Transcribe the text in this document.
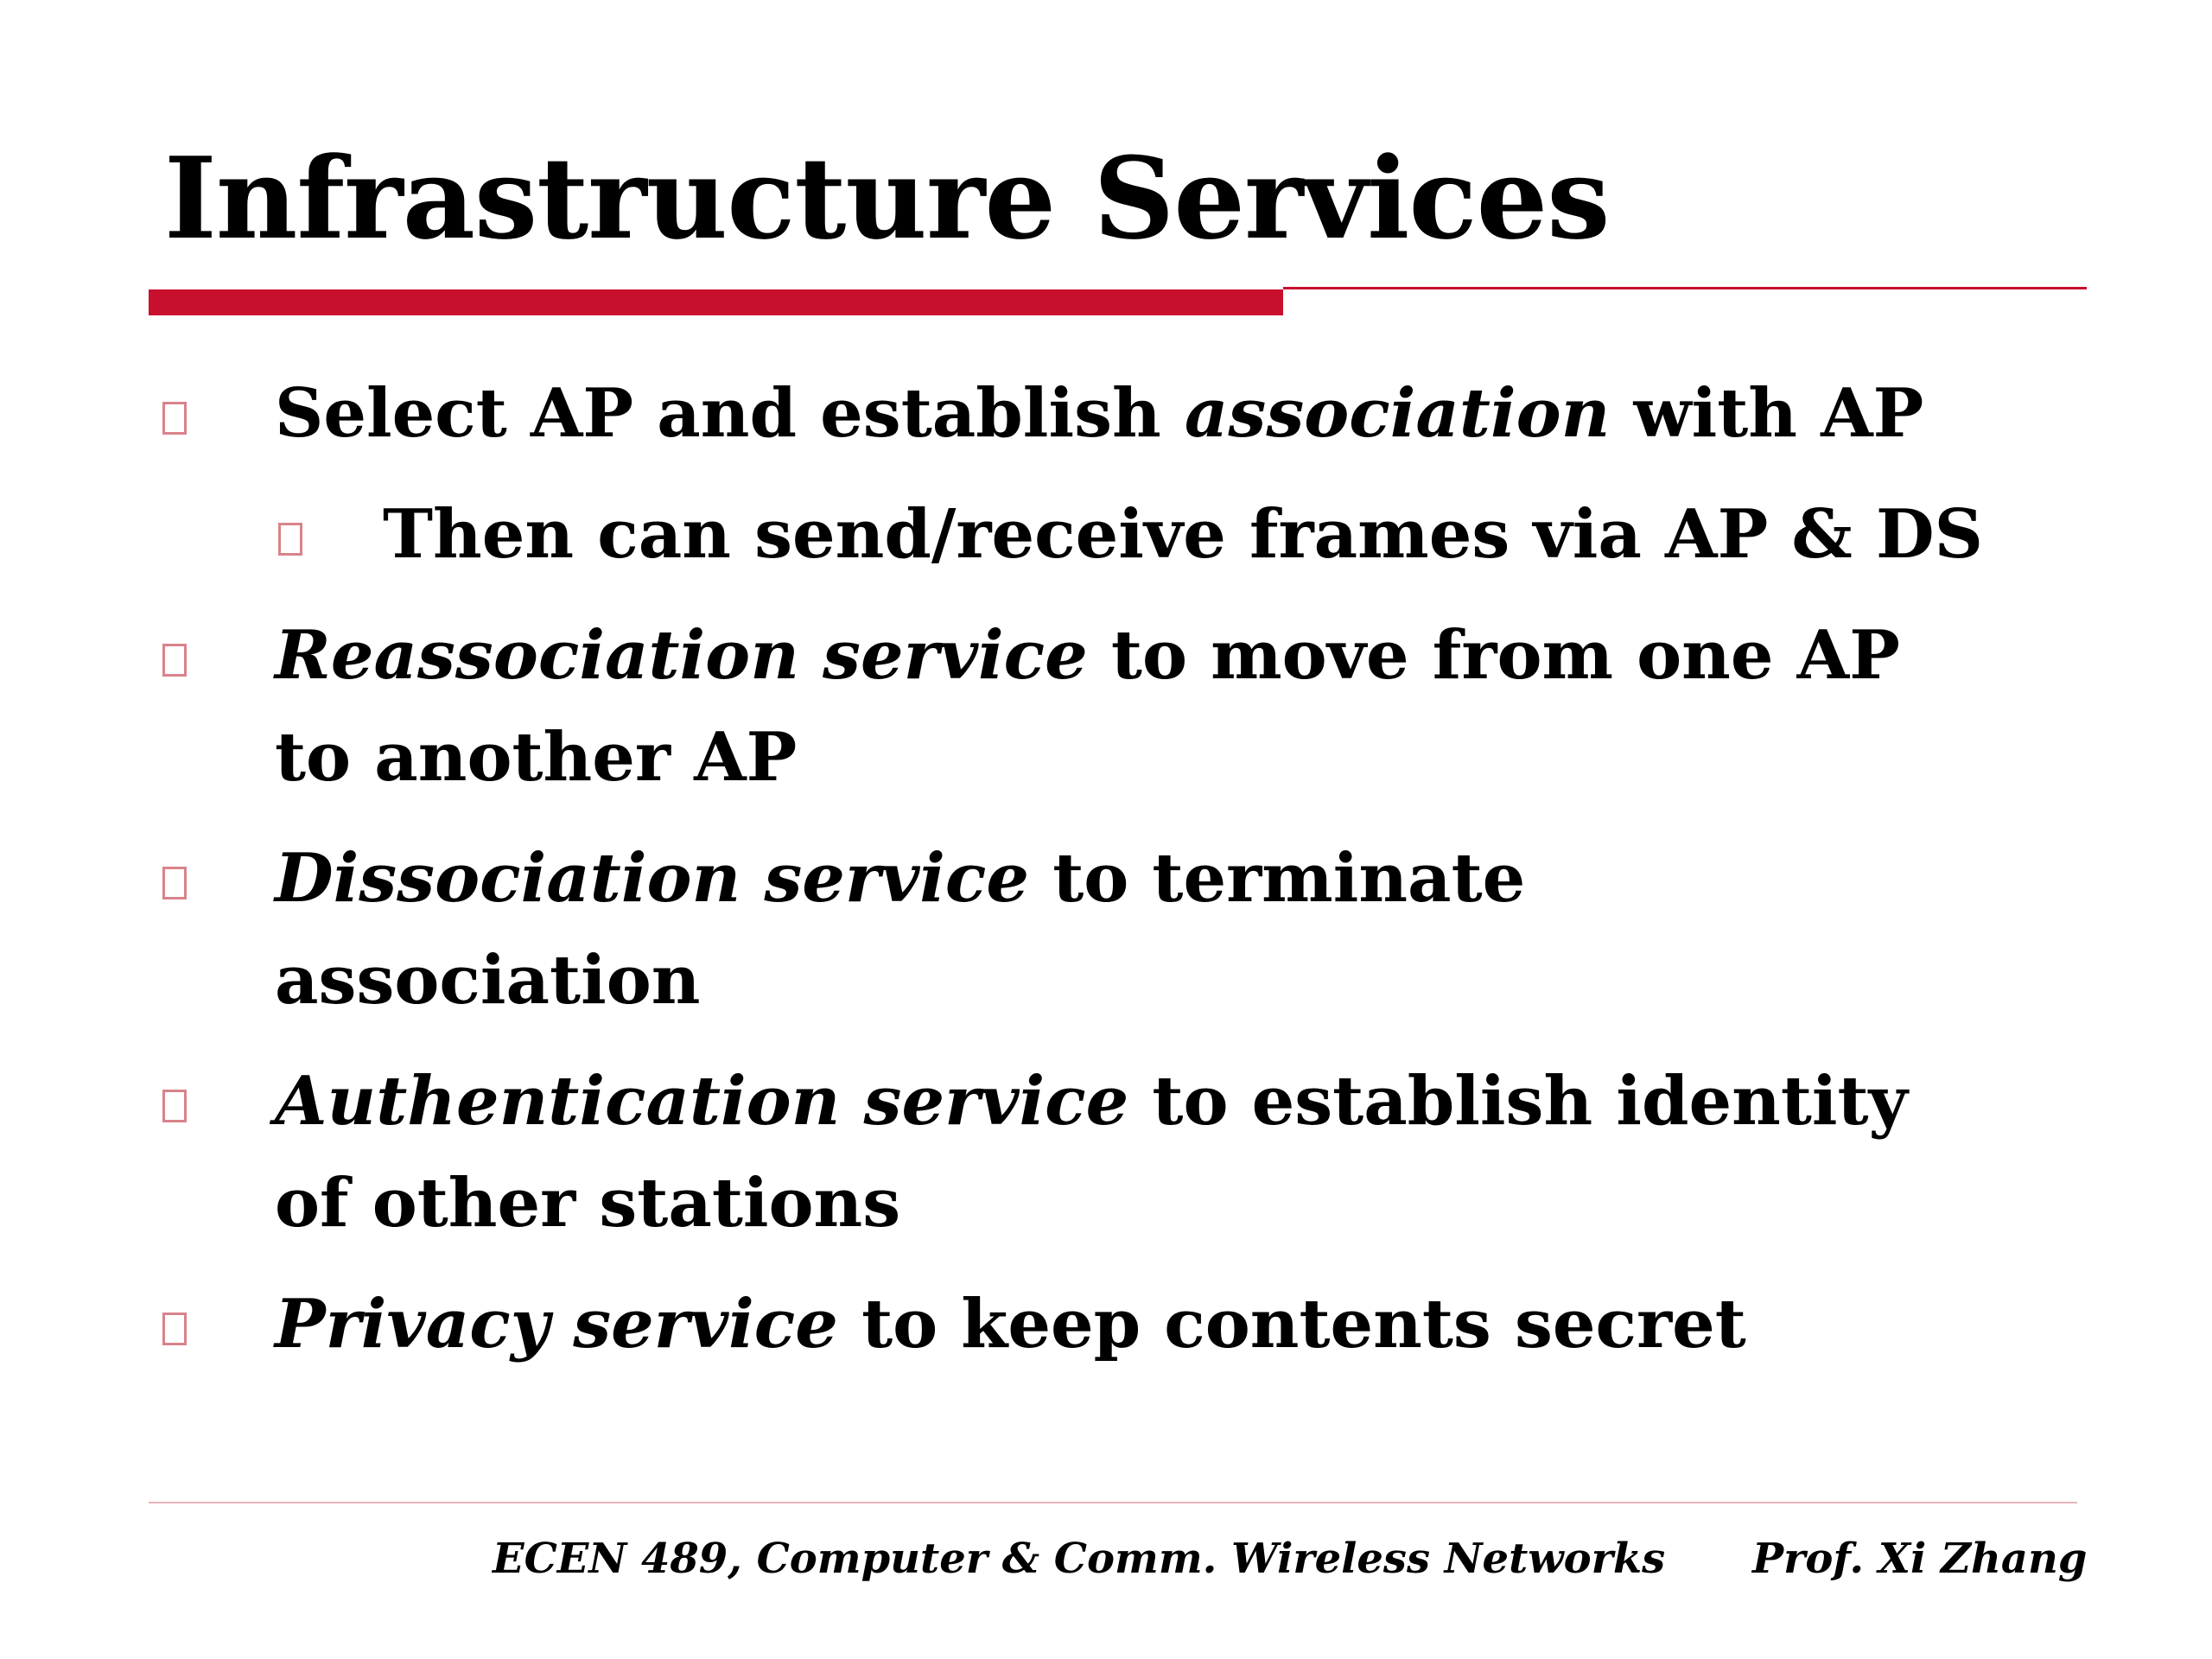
Infrastructure Services
Select AP and establish association with AP
Then can send/receive frames via AP & DS
Reassociation service to move from one AP
to another AP
Dissociation service to terminate
association
Authentication service to establish identity
of other stations
Privacy service to keep contents secret
ECEN 489, Computer & Comm. Wireless Networks Prof. Xi Zhang
